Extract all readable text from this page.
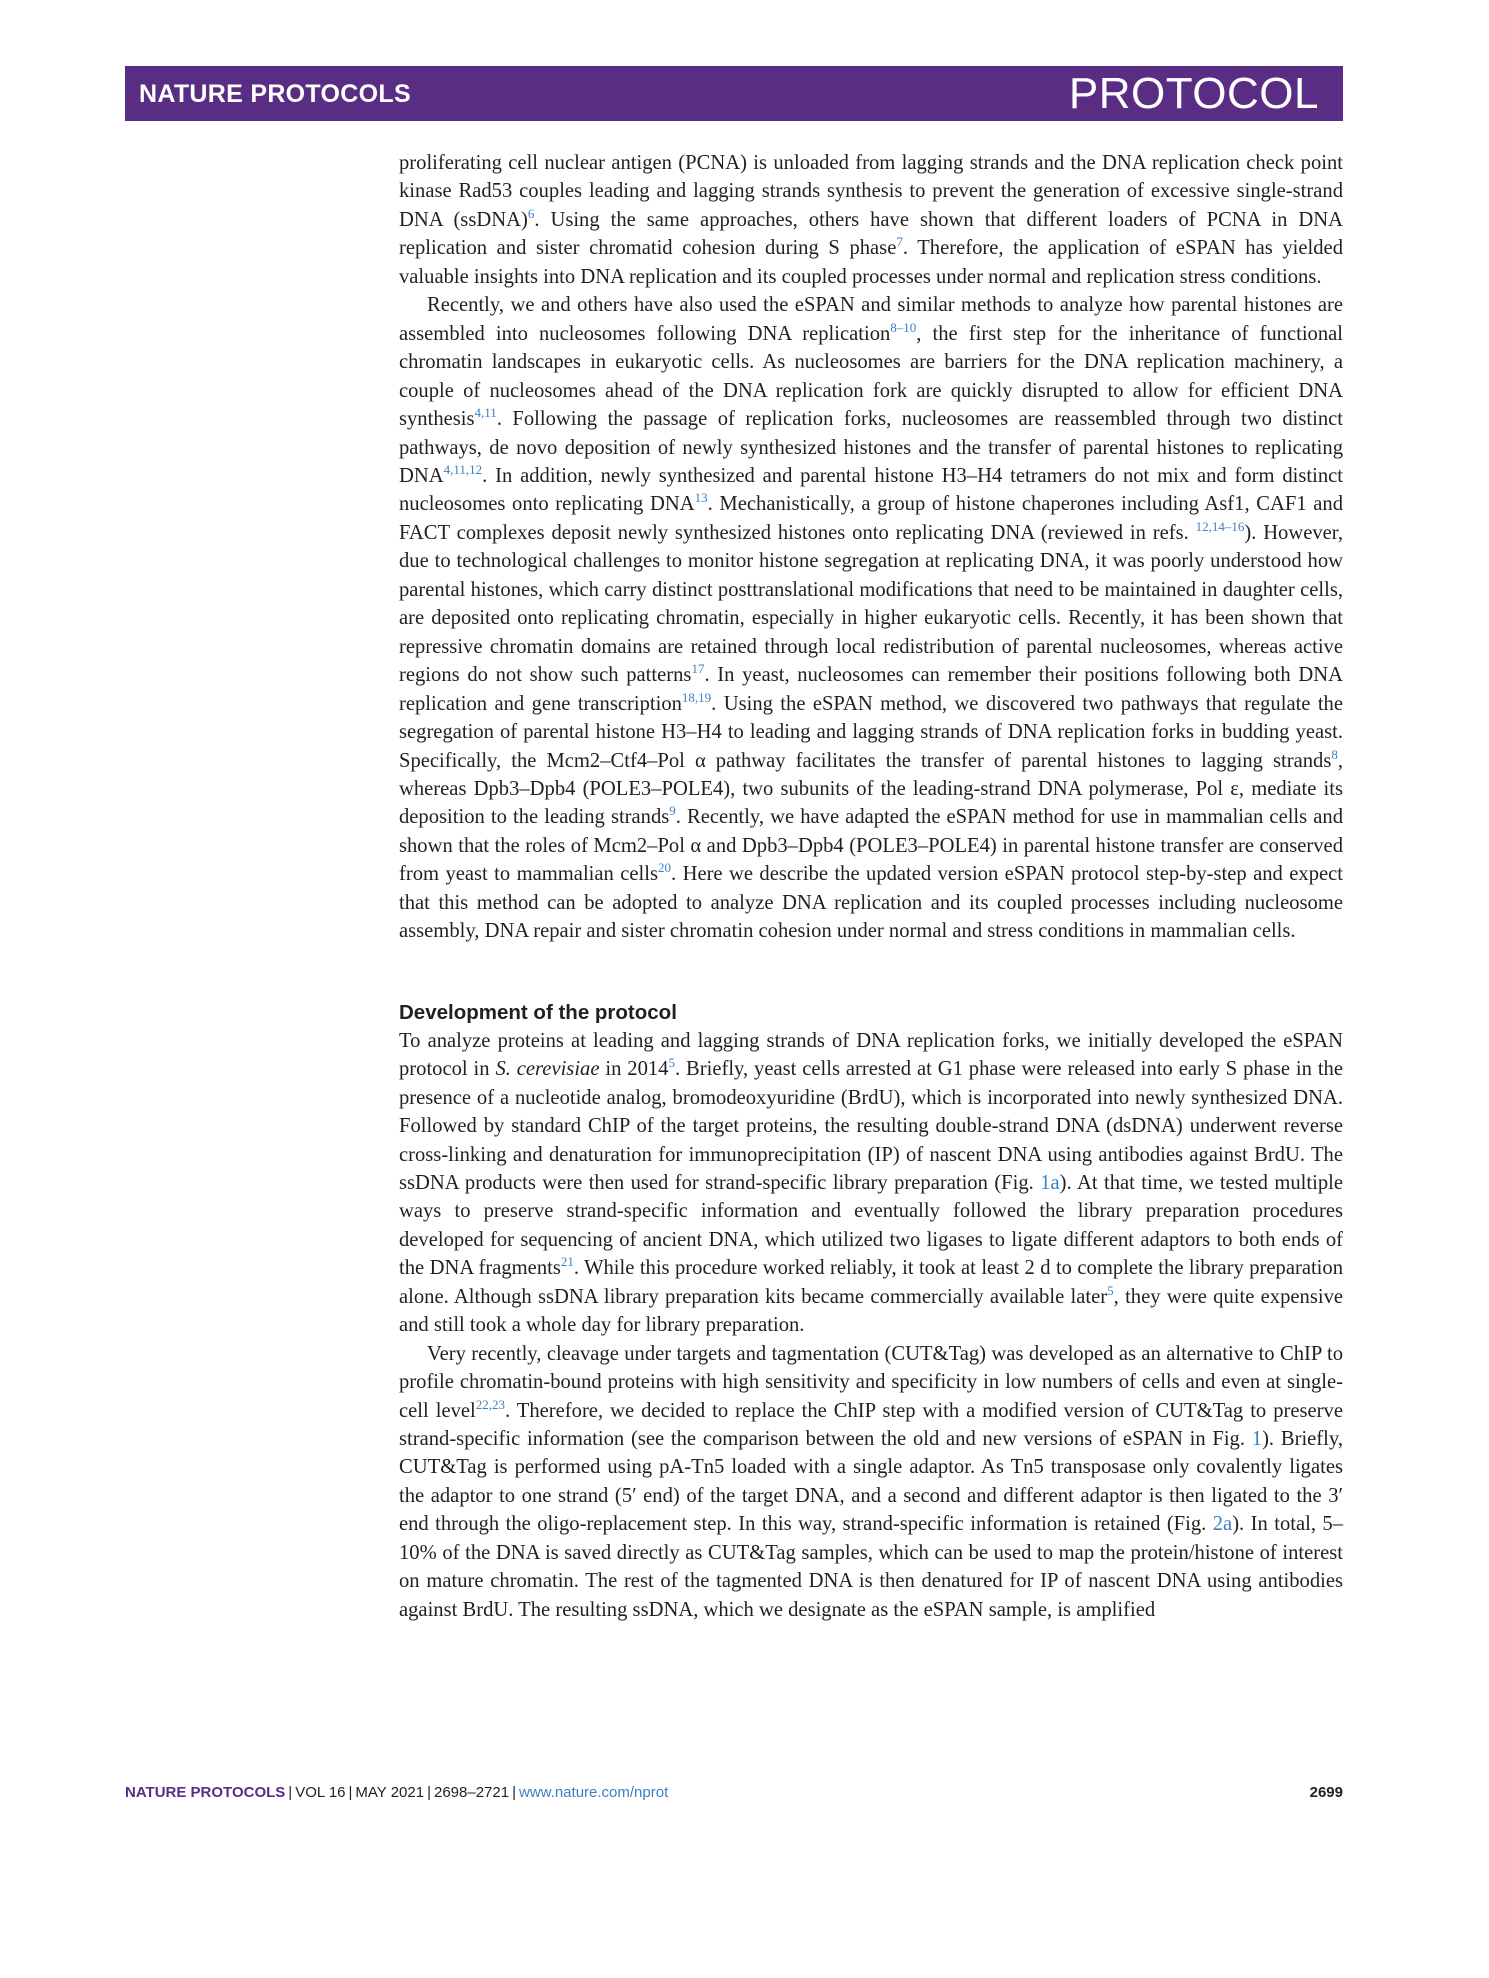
NATURE PROTOCOLS	PROTOCOL

proliferating cell nuclear antigen (PCNA) is unloaded from lagging strands and the DNA replication check point kinase Rad53 couples leading and lagging strands synthesis to prevent the generation of excessive single-strand DNA (ssDNA)$^6$. Using the same approaches, others have shown that different loaders of PCNA in DNA replication and sister chromatid cohesion during S phase$^7$. Therefore, the application of eSPAN has yielded valuable insights into DNA replication and its coupled processes under normal and replication stress conditions.

Recently, we and others have also used the eSPAN and similar methods to analyze how parental histones are assembled into nucleosomes following DNA replication$^{8-10}$, the first step for the inheritance of functional chromatin landscapes in eukaryotic cells. As nucleosomes are barriers for the DNA replication machinery, a couple of nucleosomes ahead of the DNA replication fork are quickly disrupted to allow for efficient DNA synthesis$^{4,11}$. Following the passage of replication forks, nucleosomes are reassembled through two distinct pathways, de novo deposition of newly synthesized histones and the transfer of parental histones to replicating DNA$^{4,11,12}$. In addition, newly synthesized and parental histone H3–H4 tetramers do not mix and form distinct nucleosomes onto replicating DNA$^{13}$. Mechanistically, a group of histone chaperones including Asf1, CAF1 and FACT complexes deposit newly synthesized histones onto replicating DNA (reviewed in refs. $^{12,14-16}$). However, due to technological challenges to monitor histone segregation at replicating DNA, it was poorly understood how parental histones, which carry distinct posttranslational modifications that need to be maintained in daughter cells, are deposited onto replicating chromatin, especially in higher eukaryotic cells. Recently, it has been shown that repressive chromatin domains are retained through local redistribution of parental nucleosomes, whereas active regions do not show such patterns$^{17}$. In yeast, nucleosomes can remember their positions following both DNA replication and gene transcription$^{18,19}$. Using the eSPAN method, we discovered two pathways that regulate the segregation of parental histone H3–H4 to leading and lagging strands of DNA replication forks in budding yeast. Specifically, the Mcm2–Ctf4–Pol α pathway facilitates the transfer of parental histones to lagging strands$^8$, whereas Dpb3–Dpb4 (POLE3–POLE4), two subunits of the leading-strand DNA polymerase, Pol ε, mediate its deposition to the leading strands$^9$. Recently, we have adapted the eSPAN method for use in mammalian cells and shown that the roles of Mcm2–Pol α and Dpb3–Dpb4 (POLE3–POLE4) in parental histone transfer are conserved from yeast to mammalian cells$^{20}$. Here we describe the updated version eSPAN protocol step-by-step and expect that this method can be adopted to analyze DNA replication and its coupled processes including nucleosome assembly, DNA repair and sister chromatin cohesion under normal and stress conditions in mammalian cells.

Development of the protocol

To analyze proteins at leading and lagging strands of DNA replication forks, we initially developed the eSPAN protocol in S. cerevisiae in 2014$^5$. Briefly, yeast cells arrested at G1 phase were released into early S phase in the presence of a nucleotide analog, bromodeoxyuridine (BrdU), which is incorporated into newly synthesized DNA. Followed by standard ChIP of the target proteins, the resulting double-strand DNA (dsDNA) underwent reverse cross-linking and denaturation for immunoprecipitation (IP) of nascent DNA using antibodies against BrdU. The ssDNA products were then used for strand-specific library preparation (Fig. 1a). At that time, we tested multiple ways to preserve strand-specific information and eventually followed the library preparation procedures developed for sequencing of ancient DNA, which utilized two ligases to ligate different adaptors to both ends of the DNA fragments$^{21}$. While this procedure worked reliably, it took at least 2 d to complete the library preparation alone. Although ssDNA library preparation kits became commercially available later$^5$, they were quite expensive and still took a whole day for library preparation.

Very recently, cleavage under targets and tagmentation (CUT&Tag) was developed as an alternative to ChIP to profile chromatin-bound proteins with high sensitivity and specificity in low numbers of cells and even at single-cell level$^{22,23}$. Therefore, we decided to replace the ChIP step with a modified version of CUT&Tag to preserve strand-specific information (see the comparison between the old and new versions of eSPAN in Fig. 1). Briefly, CUT&Tag is performed using pA-Tn5 loaded with a single adaptor. As Tn5 transposase only covalently ligates the adaptor to one strand (5′ end) of the target DNA, and a second and different adaptor is then ligated to the 3′ end through the oligo-replacement step. In this way, strand-specific information is retained (Fig. 2a). In total, 5–10% of the DNA is saved directly as CUT&Tag samples, which can be used to map the protein/histone of interest on mature chromatin. The rest of the tagmented DNA is then denatured for IP of nascent DNA using antibodies against BrdU. The resulting ssDNA, which we designate as the eSPAN sample, is amplified

NATURE PROTOCOLS | VOL 16 | MAY 2021 | 2698–2721 | www.nature.com/nprot	2699
